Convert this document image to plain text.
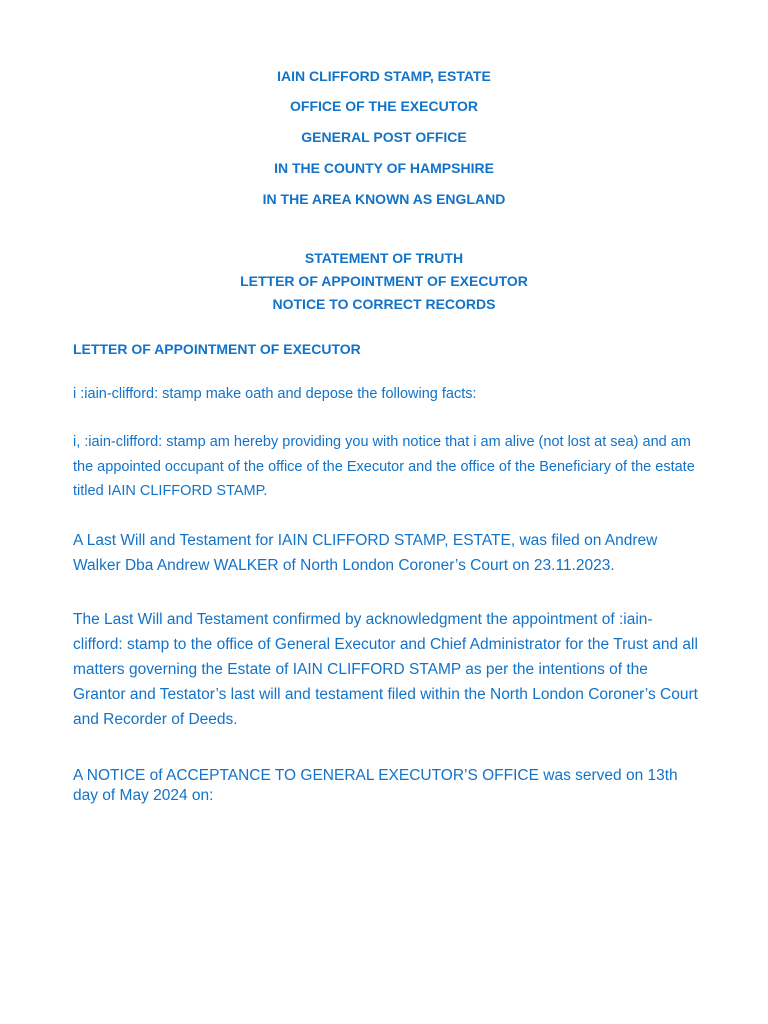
IAIN CLIFFORD STAMP, ESTATE
OFFICE OF THE EXECUTOR
GENERAL POST OFFICE
IN THE COUNTY OF HAMPSHIRE
IN THE AREA KNOWN AS ENGLAND
STATEMENT OF TRUTH
LETTER OF APPOINTMENT OF EXECUTOR
NOTICE TO CORRECT RECORDS
LETTER OF APPOINTMENT OF EXECUTOR
i :iain-clifford: stamp make oath and depose the following facts:
i, :iain-clifford: stamp am hereby providing you with notice that i am alive (not lost at sea) and am the appointed occupant of the office of the Executor and the office of the Beneficiary of the estate titled IAIN CLIFFORD STAMP.
A Last Will and Testament for IAIN CLIFFORD STAMP, ESTATE, was filed on Andrew Walker Dba Andrew WALKER of North London Coroner’s Court on 23.11.2023.
The Last Will and Testament confirmed by acknowledgment the appointment of :iain-clifford: stamp to the office of General Executor and Chief Administrator for the Trust and all matters governing the Estate of IAIN CLIFFORD STAMP as per the intentions of the Grantor and Testator’s last will and testament filed within the North London Coroner’s Court and Recorder of Deeds.
A NOTICE of ACCEPTANCE TO GENERAL EXECUTOR’S OFFICE was served on 13th day of May 2024 on:
